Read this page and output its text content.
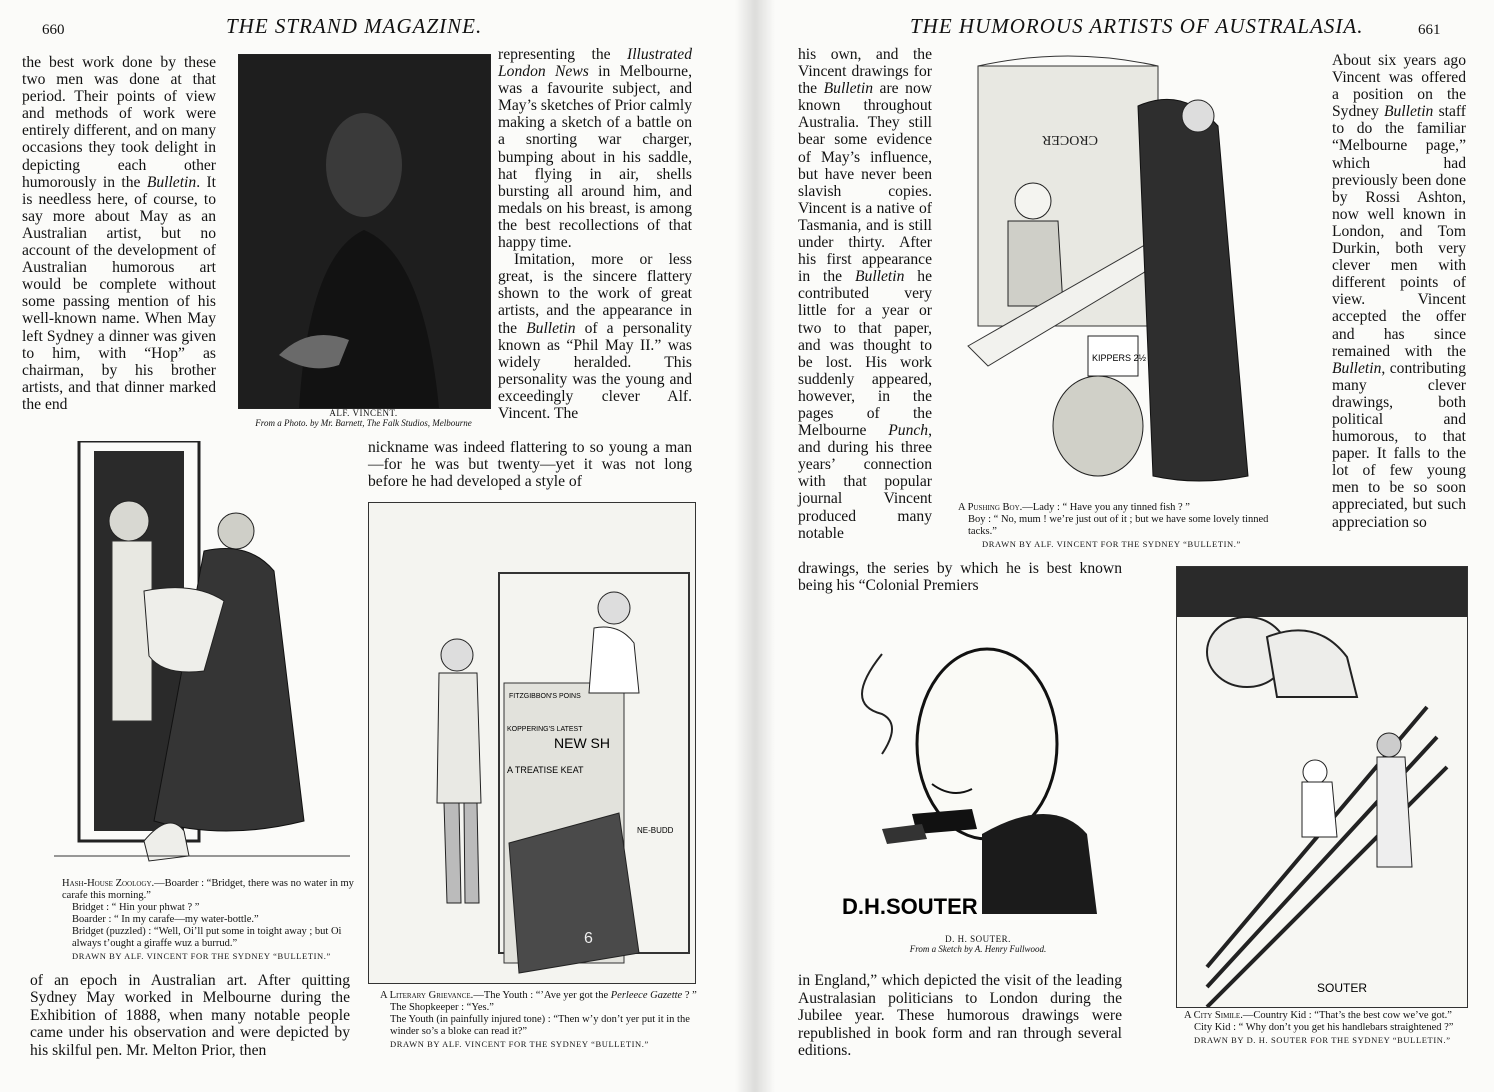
660	THE STRAND MAGAZINE.

the best work done by these two men was done at that period. Their points of view and methods of work were entirely different, and on many occasions they took delight in depicting each other humorously in the Bulletin. It is needless here, of course, to say more about May as an Australian artist, but no account of the development of Australian humorous art would be complete without some passing mention of his well-known name. When May left Sydney a dinner was given to him, with “Hop” as chairman, by his brother artists, and that dinner marked the end

ALF. VINCENT.
From a Photo. by Mr. Barnett, The Falk Studios, Melbourne

representing the Illustrated London News in Melbourne, was a favourite subject, and May’s sketches of Prior calmly making a sketch of a battle on a snorting war charger, bumping about in his saddle, hat flying in air, shells bursting all around him, and medals on his breast, is among the best recollections of that happy time.

Imitation, more or less great, is the sincere flattery shown to the work of great artists, and the appearance in the Bulletin of a personality known as “Phil May II.” was widely heralded. This personality was the young and exceedingly clever Alf. Vincent. The

nickname was indeed flattering to so young a man—for he was but twenty—yet it was not long before he had developed a style of

Hash-House Zoology.—Boarder : “Bridget, there was no water in my carafe this morning.”

Bridget : “ Hin your phwat ? ”

Boarder : “ In my carafe—my water-bottle.”

Bridget (puzzled) : “Well, Oi’ll put some in toight away ; but Oi always t’ought a giraffe wuz a burrud.”

DRAWN BY ALF. VINCENT FOR THE SYDNEY “BULLETIN.”

FITZGIBBON'S POINS
NEW SH
KOPPERING'S LATEST
A TREATISE KEAT
6
NE-BUDD

A Literary Grievance.—The Youth : “’Ave yer got the Perleece Gazette ? ”

The Shopkeeper : “Yes.”

The Youth (in painfully injured tone) : “Then w’y don’t yer put it in the winder so’s a bloke can read it?”

DRAWN BY ALF. VINCENT FOR THE SYDNEY “BULLETIN.”

of an epoch in Australian art. After quitting Sydney May worked in Melbourne during the Exhibition of 1888, when many notable people came under his observation and were depicted by his skilful pen. Mr. Melton Prior, then
THE HUMOROUS ARTISTS OF AUSTRALASIA.	661

his own, and the Vincent drawings for the Bulletin are now known throughout Australia. They still bear some evidence of May’s influence, but have never been slavish copies. Vincent is a native of Tasmania, and is still under thirty. After his first appearance in the Bulletin he contributed very little for a year or two to that paper, and was thought to be lost. His work suddenly appeared, however, in the pages of the Melbourne Punch, and during his three years’ connection with that popular journal Vincent produced many notable

CROCER
KIPPERS 2½

A Pushing Boy.—Lady : “ Have you any tinned fish ? ”

Boy : “ No, mum ! we’re just out of it ; but we have some lovely tinned tacks.”

DRAWN BY ALF. VINCENT FOR THE SYDNEY “BULLETIN.”

About six years ago Vincent was offered a position on the Sydney Bulletin staff to do the familiar “Melbourne page,” which had previously been done by Rossi Ashton, now well known in London, and Tom Durkin, both very clever men with different points of view. Vincent accepted the offer and has since remained with the Bulletin, contributing many clever drawings, both political and humorous, to that paper. It falls to the lot of few young men to be so soon appreciated, but such appreciation so

drawings, the series by which he is best known being his “Colonial Premiers
D.H.SOUTER
D. H. SOUTER.
From a Sketch by A. Henry Fullwood.
SOUTER

A City Simile.—Country Kid : “That’s the best cow we’ve got.”

City Kid : “ Why don’t you get his handlebars straightened ?”

DRAWN BY D. H. SOUTER FOR THE SYDNEY “BULLETIN.”

in England,” which depicted the visit of the leading Australasian politicians to London during the Jubilee year. These humorous drawings were republished in book form and ran through several editions.
